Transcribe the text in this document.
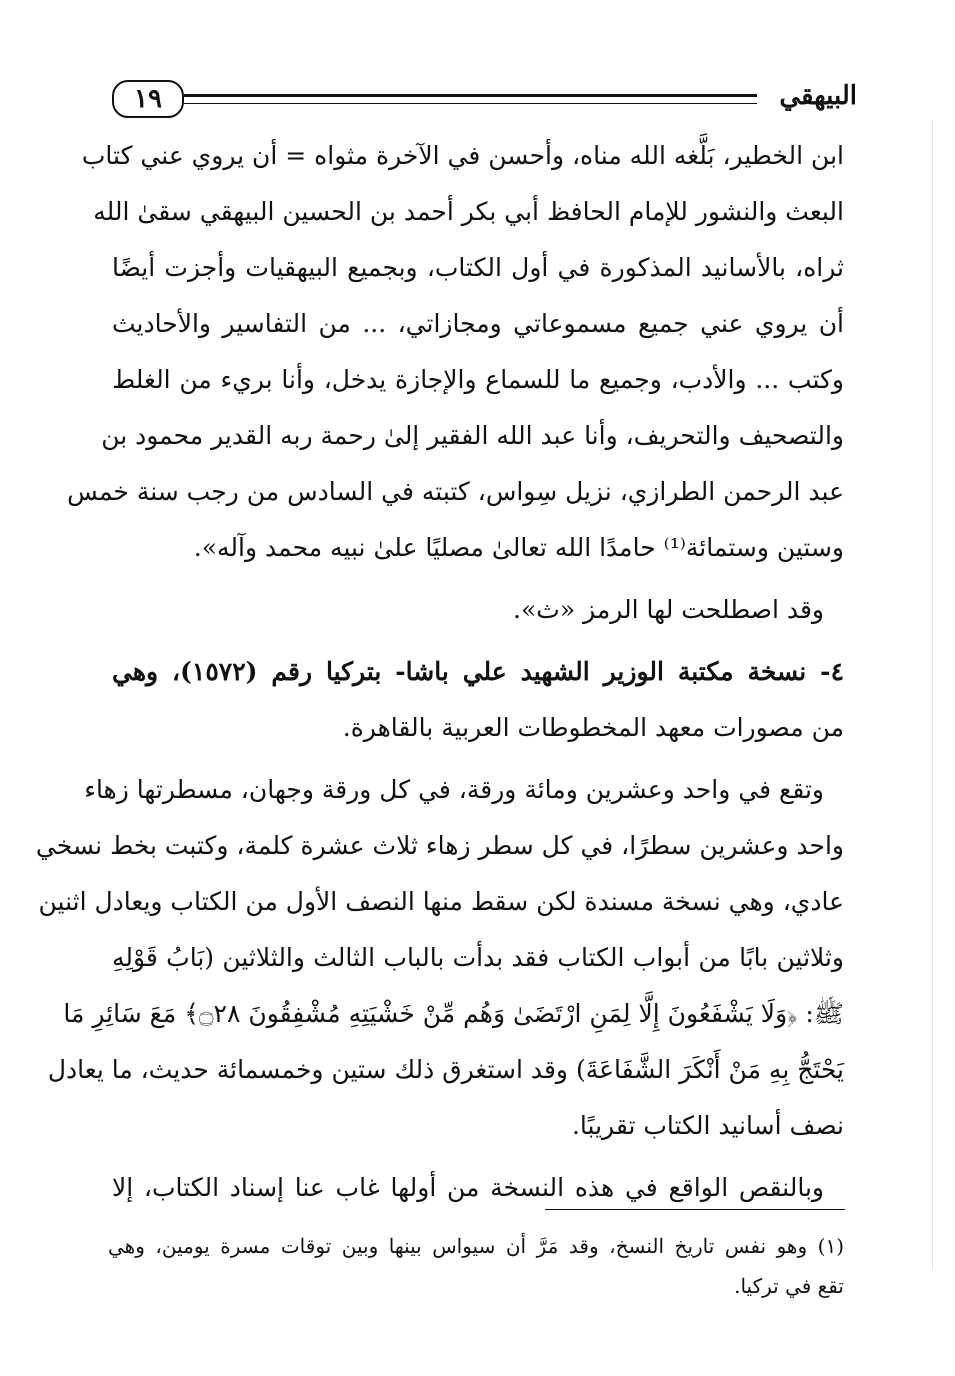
١٩	البيهقي
ابن الخطير، بَلَّغه الله مناه، وأحسن في الآخرة مثواه = أن يروي عني كتاب
البعث والنشور للإمام الحافظ أبي بكر أحمد بن الحسين البيهقي سقىٰ الله
ثراه، بالأسانيد المذكورة في أول الكتاب، وبجميع البيهقيات وأجزت أيضًا
أن يروي عني جميع مسموعاتي ومجازاتي، ... من التفاسير والأحاديث
وكتب ... والأدب، وجميع ما للسماع والإجازة يدخل، وأنا بريء من الغلط
والتصحيف والتحريف، وأنا عبد الله الفقير إلىٰ رحمة ربه القدير محمود بن
عبد الرحمن الطرازي، نزيل سِواس، كتبته في السادس من رجب سنة خمس
وستين وستمائة⁽¹⁾ حامدًا الله تعالىٰ مصليًا علىٰ نبيه محمد وآله».
وقد اصطلحت لها الرمز «ث».
٤- نسخة مكتبة الوزير الشهيد علي باشا- بتركيا رقم (١٥٧٢)، وهي
من مصورات معهد المخطوطات العربية بالقاهرة.
وتقع في واحد وعشرين ومائة ورقة، في كل ورقة وجهان، مسطرتها زهاء
واحد وعشرين سطرًا، في كل سطر زهاء ثلاث عشرة كلمة، وكتبت بخط نسخي
عادي، وهي نسخة مسندة لكن سقط منها النصف الأول من الكتاب ويعادل اثنين
وثلاثين بابًا من أبواب الكتاب فقد بدأت بالباب الثالث والثلاثين (بَابُ قَوْلِهِ
ﷺ: ﴿وَلَا يَشْفَعُونَ إِلَّا لِمَنِ ارْتَضَىٰ وَهُم مِّنْ خَشْيَتِهِ مُشْفِقُونَ ۝٢٨﴾ مَعَ سَائِرِ مَا
يَحْتَجُّ بِهِ مَنْ أَنْكَرَ الشَّفَاعَةَ) وقد استغرق ذلك ستين وخمسمائة حديث، ما يعادل
نصف أسانيد الكتاب تقريبًا.
وبالنقص الواقع في هذه النسخة من أولها غاب عنا إسناد الكتاب، إلا
(١) وهو نفس تاريخ النسخ، وقد مَرَّ أن سيواس بينها وبين توقات مسرة يومين، وهي
تقع في تركيا.
